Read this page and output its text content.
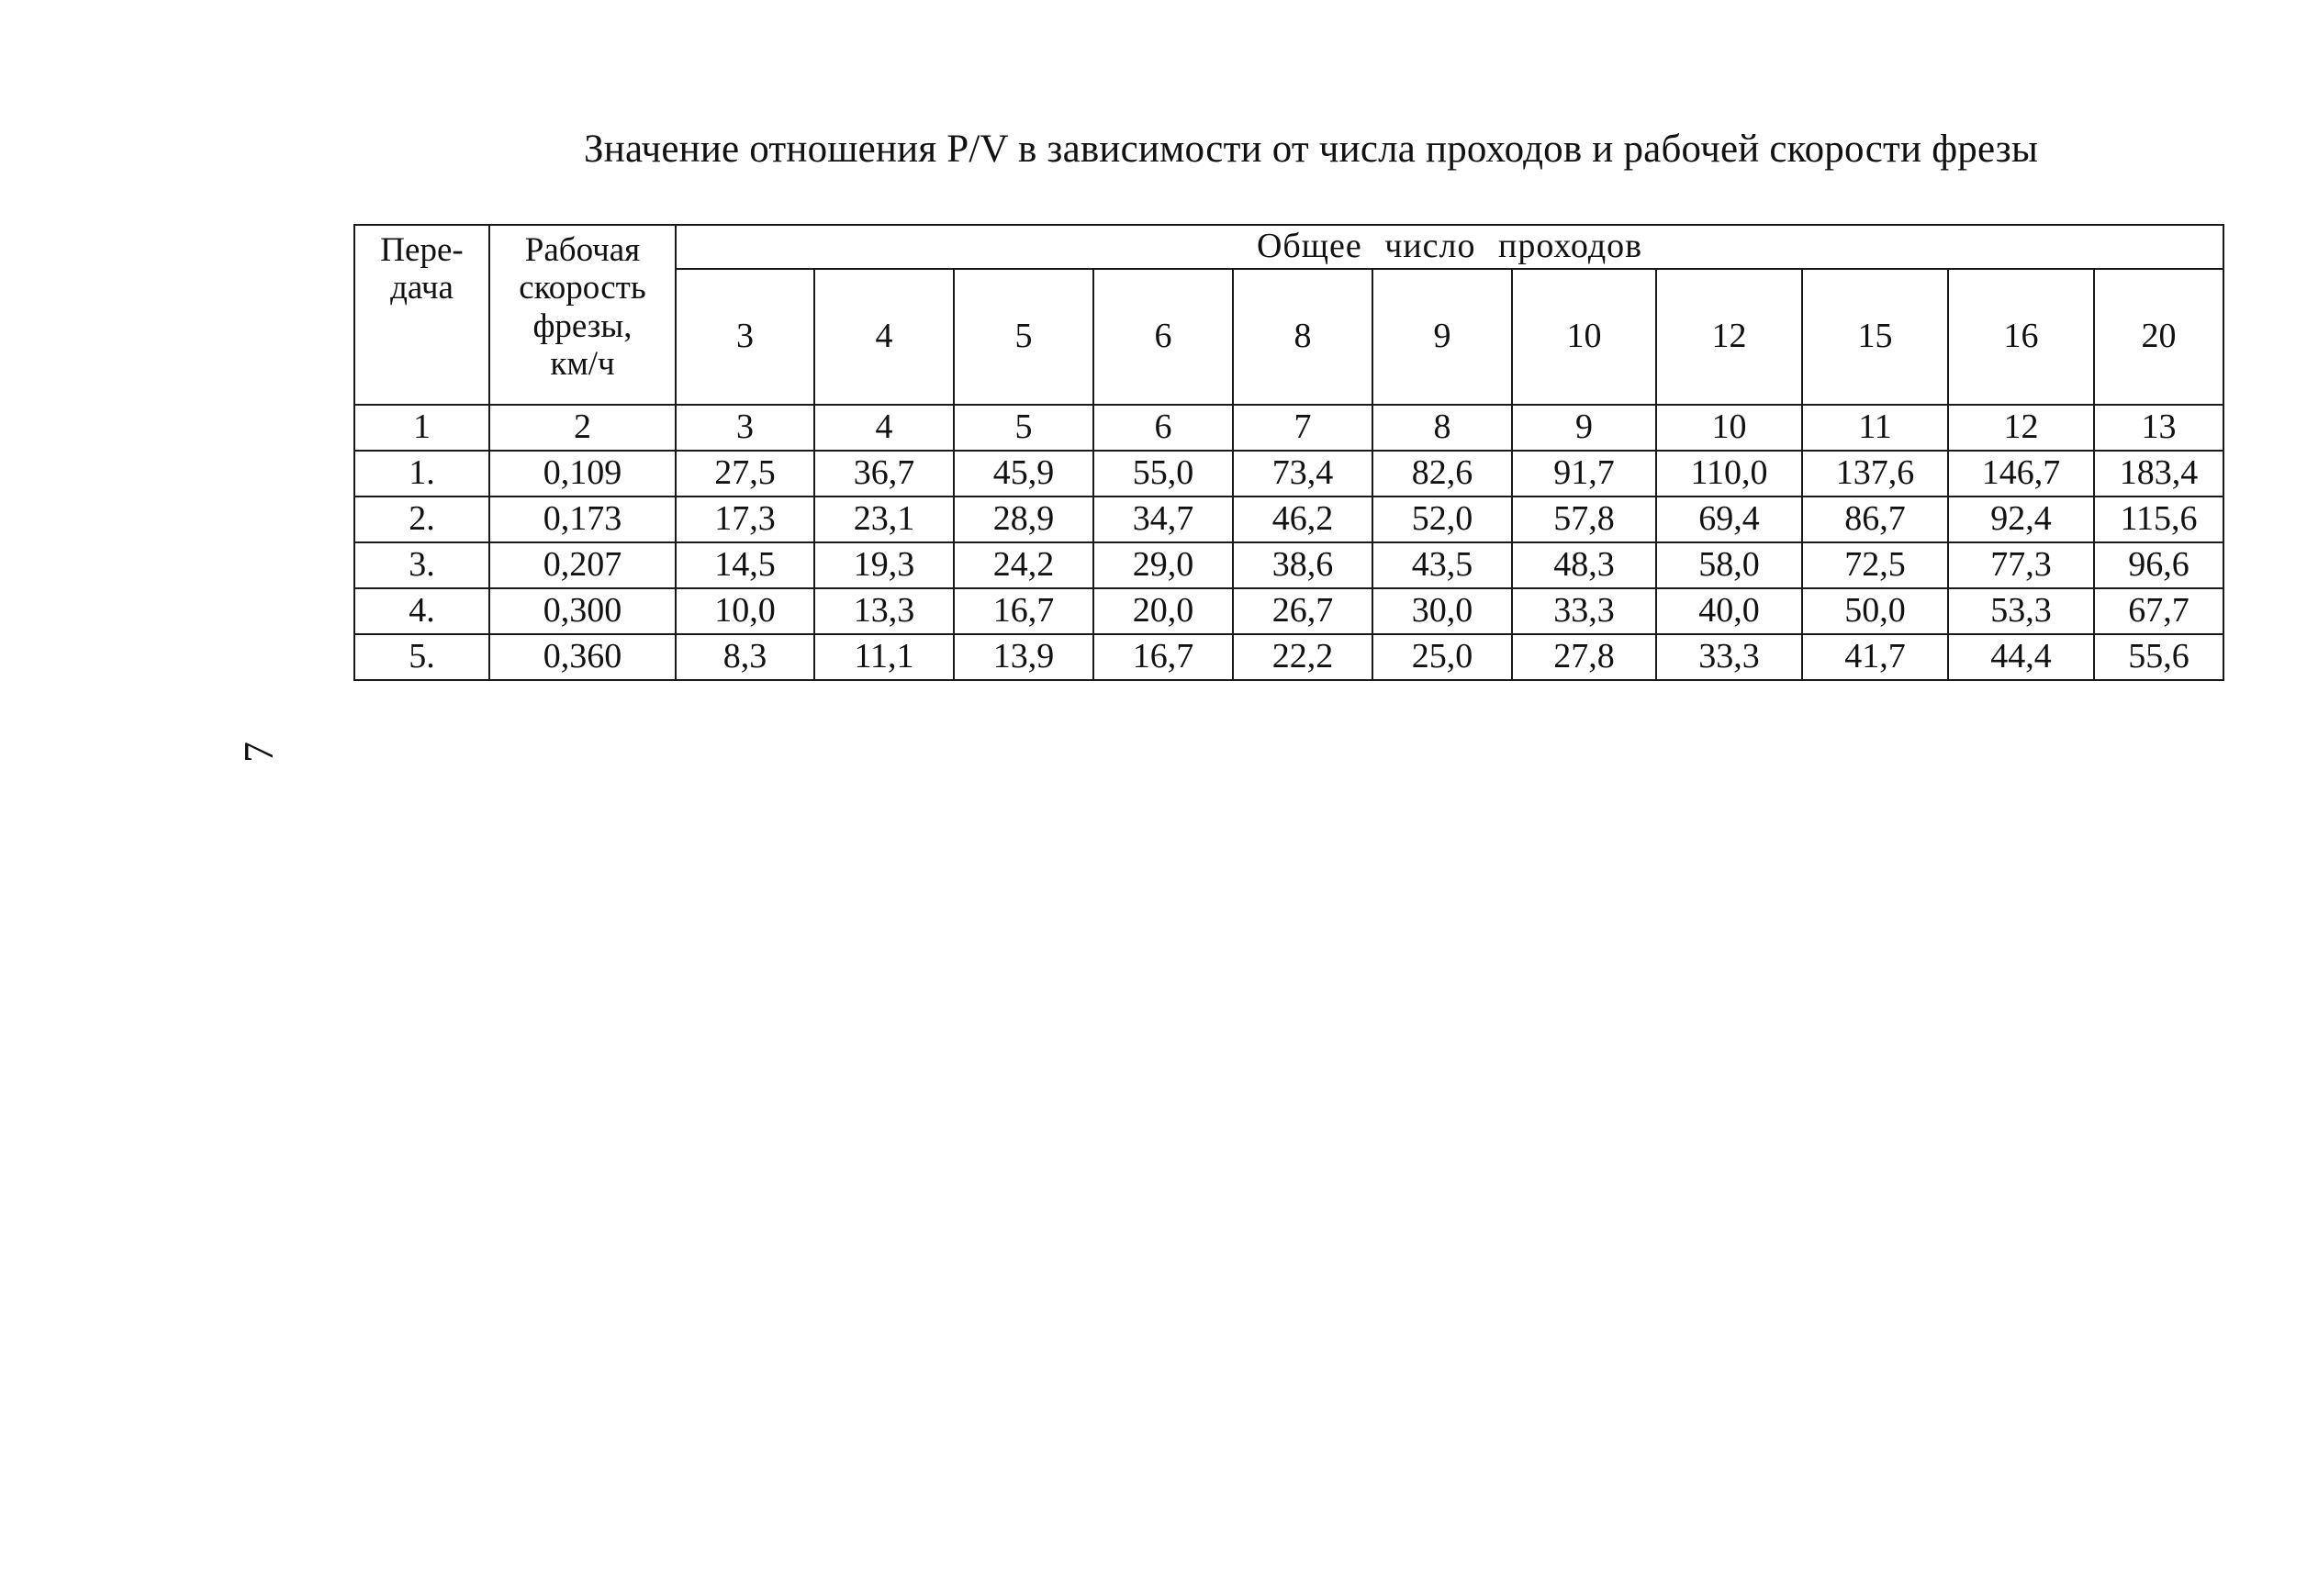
Значение отношения P/V в зависимости от числа проходов и рабочей скорости фрезы
7
Пере-
дача	Рабочая
скорость
фрезы,
км/ч	Общее число проходов										
		3	4	5	6	8	9	10	12	15	16	20
1	2	3	4	5	6	7	8	9	10	11	12	13
1.	0,109	27,5	36,7	45,9	55,0	73,4	82,6	91,7	110,0	137,6	146,7	183,4
2.	0,173	17,3	23,1	28,9	34,7	46,2	52,0	57,8	69,4	86,7	92,4	115,6
3.	0,207	14,5	19,3	24,2	29,0	38,6	43,5	48,3	58,0	72,5	77,3	96,6
4.	0,300	10,0	13,3	16,7	20,0	26,7	30,0	33,3	40,0	50,0	53,3	67,7
5.	0,360	8,3	11,1	13,9	16,7	22,2	25,0	27,8	33,3	41,7	44,4	55,6
